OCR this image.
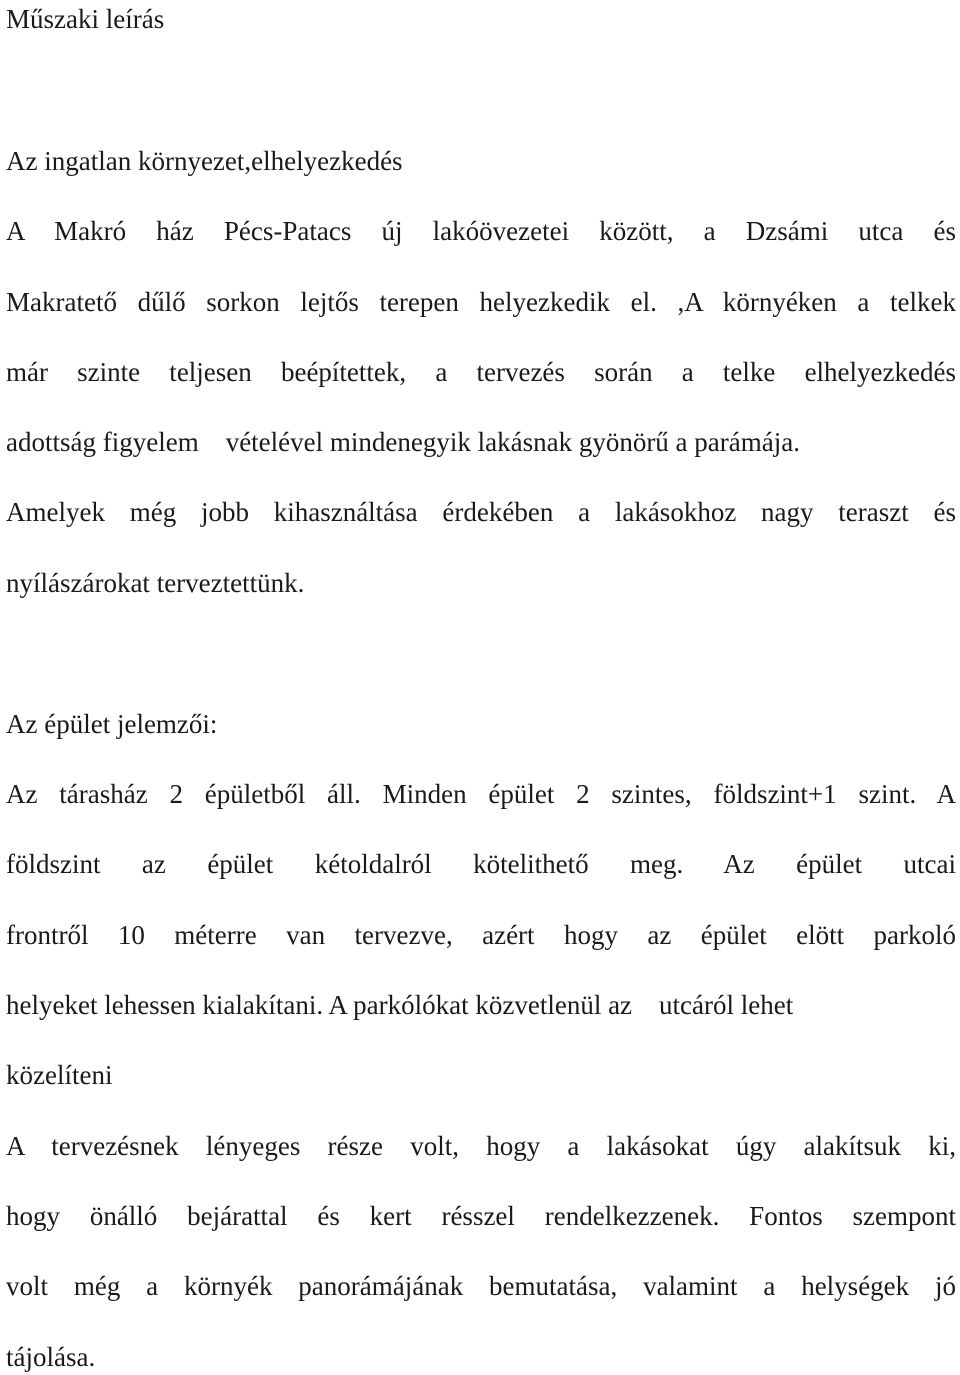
Műszaki leírás

Az ingatlan környezet,elhelyezkedés

A Makró ház Pécs-Patacs új lakóövezetei között, a Dzsámi utca és

Makratető dűlő sorkon lejtős terepen helyezkedik el. ,A környéken a telkek

már szinte teljesen beépítettek, a tervezés során a telke elhelyezkedés

adottság figyelem    vételével mindenegyik lakásnak gyönörű a parámája.

Amelyek még jobb kihasználtása érdekében a lakásokhoz nagy teraszt és

nyílászárokat terveztettünk.

Az épület jelemzői:

Az tárasház 2 épületből áll. Minden épület 2 szintes, földszint+1 szint. A

földszint az épület kétoldalról kötelithető meg. Az épület utcai

frontről 10 méterre van tervezve, azért hogy az épület elött parkoló

helyeket lehessen kialakítani. A parkólókat közvetlenül az    utcáról lehet

közelíteni

A tervezésnek lényeges része volt, hogy a lakásokat úgy alakítsuk ki,

hogy önálló bejárattal és kert résszel rendelkezzenek. Fontos szempont

volt még a környék panorámájának bemutatása, valamint a helységek jó

tájolása.
